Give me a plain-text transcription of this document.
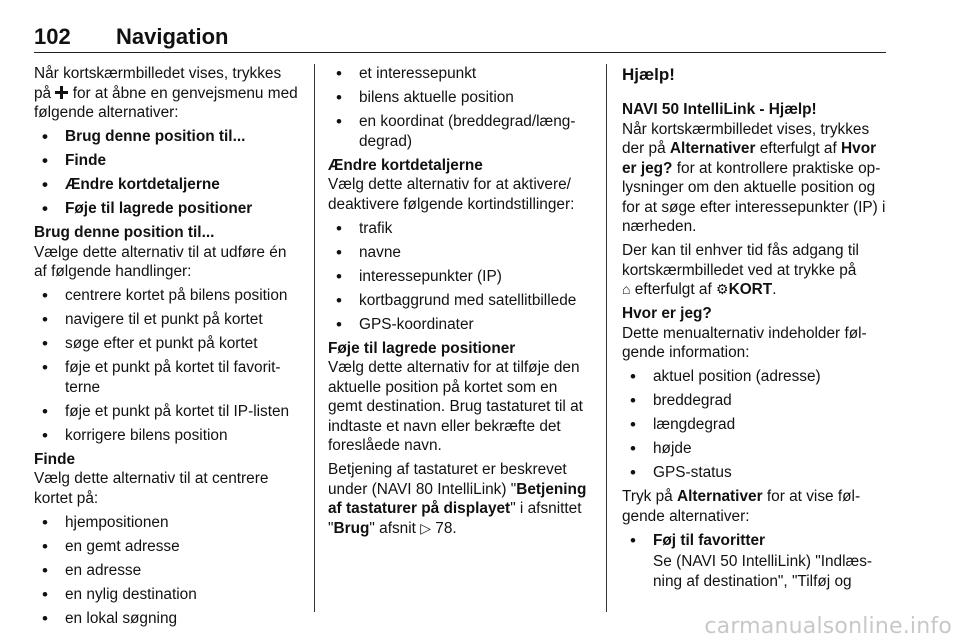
102 Navigation

Når kortskærmbilledet vises, trykkes på for at åbne en genvejsmenu med følgende alternativer:

• Brug denne position til...
• Finde
• Ændre kortdetaljerne
• Føje til lagrede positioner

Brug denne position til...

Vælge dette alternativ til at udføre én af følgende handlinger:

• centrere kortet på bilens position
• navigere til et punkt på kortet
• søge efter et punkt på kortet
• føje et punkt på kortet til favorit-terne
• føje et punkt på kortet til IP-listen
• korrigere bilens position

Finde

Vælg dette alternativ til at centrere kortet på:

• hjempositionen
• en gemt adresse
• en adresse
• en nylig destination
• en lokal søgning
• et interessepunkt
• bilens aktuelle position
• en koordinat (breddegrad/læng-degrad)

Ændre kortdetaljerne

Vælg dette alternativ for at aktivere/ deaktivere følgende kortindstillinger:

• trafik
• navne
• interessepunkter (IP)
• kortbaggrund med satellitbillede
• GPS-koordinater

Føje til lagrede positioner

Vælg dette alternativ for at tilføje den aktuelle position på kortet som en gemt destination. Brug tastaturet til at indtaste et navn eller bekræfte det foreslåede navn.

Betjening af tastaturet er beskrevet under (NAVI 80 IntelliLink) "Betjening af tastaturer på displayet" i afsnittet "Brug" afsnit ▷ 78.

Hjælp!

NAVI 50 IntelliLink - Hjælp!

Når kortskærmbilledet vises, trykkes der på Alternativer efterfulgt af Hvor er jeg? for at kontrollere praktiske op-lysninger om den aktuelle position og for at søge efter interessepunkter (IP) i nærheden.

Der kan til enhver tid fås adgang til kortskærmbilledet ved at trykke på
⌂ efterfulgt af ⚙KORT.

Hvor er jeg?

Dette menualternativ indeholder føl-gende information:

• aktuel position (adresse)
• breddegrad
• længdegrad
• højde
• GPS-status

Tryk på Alternativer for at vise føl-gende alternativer:

• Føj til favoritter
Se (NAVI 50 IntelliLink) "Indlæs-ning af destination", "Tilføj og
carmanualsonline.info
